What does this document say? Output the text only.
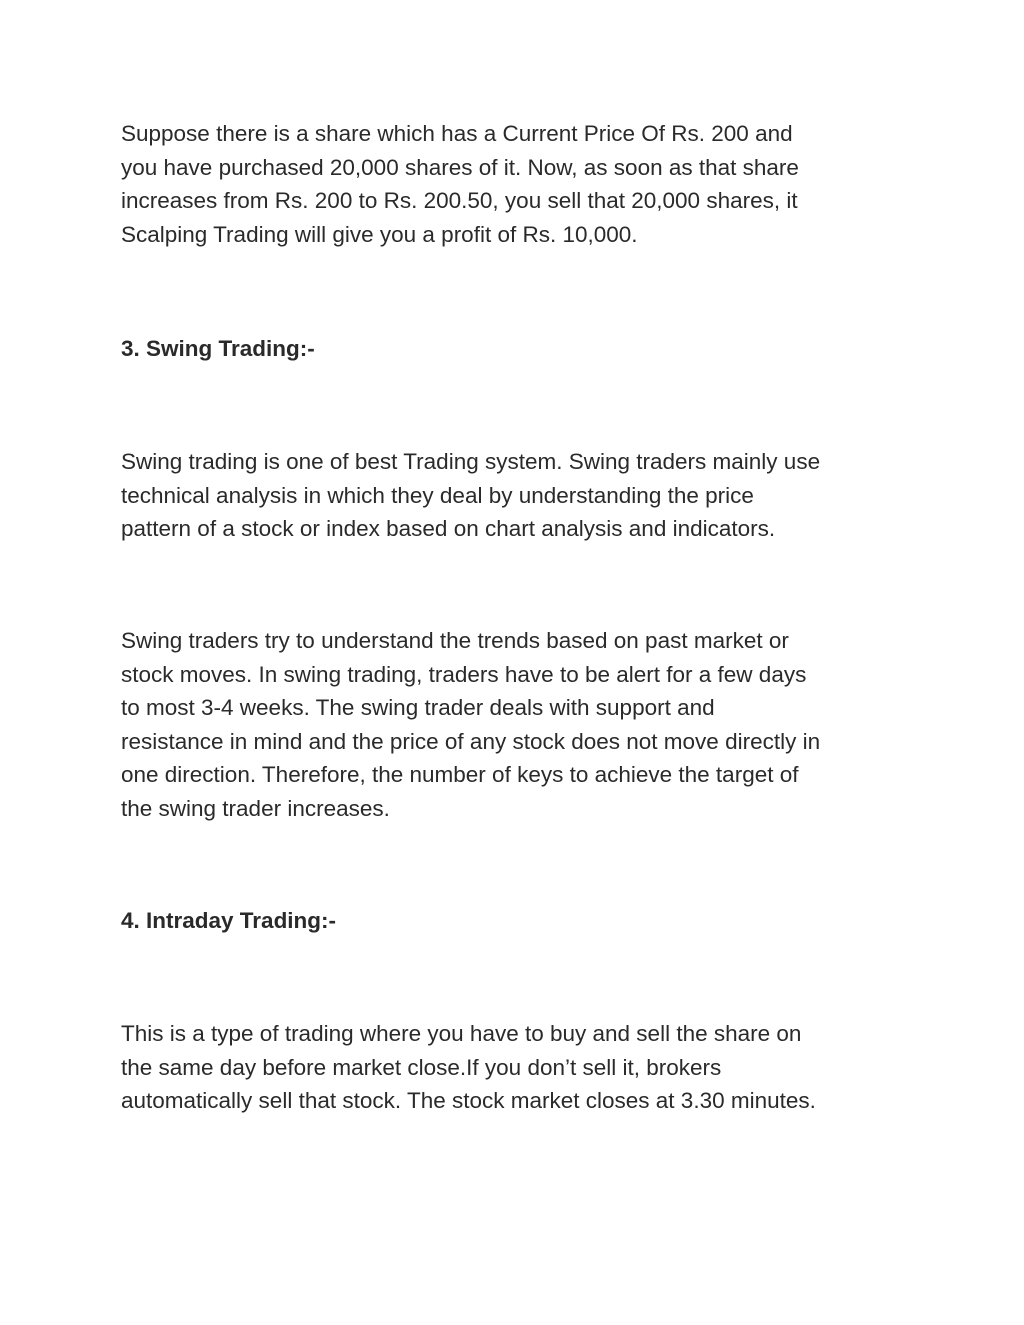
Suppose there is a share which has a Current Price Of Rs. 200 and
you have purchased 20,000 shares of it. Now, as soon as that share
increases from Rs. 200 to Rs. 200.50, you sell that 20,000 shares, it
Scalping Trading will give you a profit of Rs. 10,000.

3. Swing Trading:-

Swing trading is one of best Trading system. Swing traders mainly use
technical analysis in which they deal by understanding the price
pattern of a stock or index based on chart analysis and indicators.

Swing traders try to understand the trends based on past market or
stock moves. In swing trading, traders have to be alert for a few days
to most 3-4 weeks. The swing trader deals with support and
resistance in mind and the price of any stock does not move directly in
one direction. Therefore, the number of keys to achieve the target of
the swing trader increases.

4. Intraday Trading:-

This is a type of trading where you have to buy and sell the share on
the same day before market close.If you don’t sell it, brokers
automatically sell that stock. The stock market closes at 3.30 minutes.
